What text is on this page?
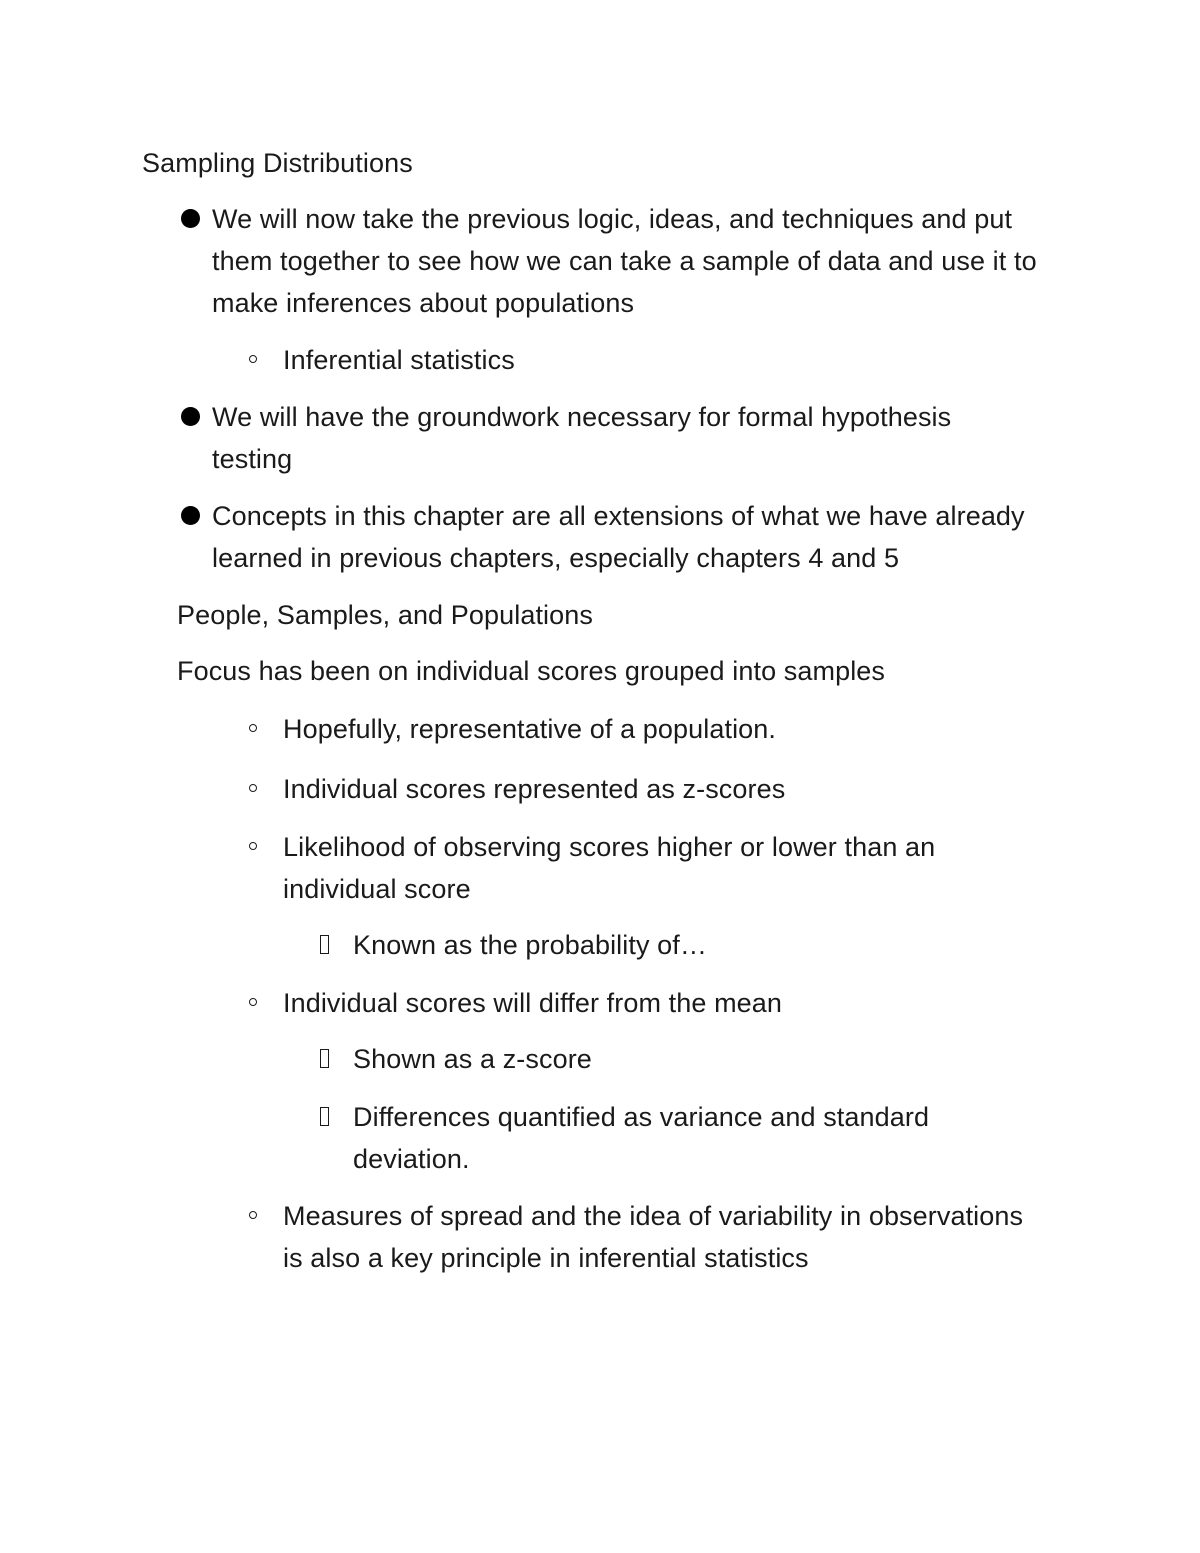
Sampling Distributions
We will now take the previous logic, ideas, and techniques and put them together to see how we can take a sample of data and use it to make inferences about populations
Inferential statistics
We will have the groundwork necessary for formal hypothesis testing
Concepts in this chapter are all extensions of what we have already learned in previous chapters, especially chapters 4 and 5
People, Samples, and Populations
Focus has been on individual scores grouped into samples
Hopefully, representative of a population.
Individual scores represented as z-scores
Likelihood of observing scores higher or lower than an individual score
Known as the probability of…
Individual scores will differ from the mean
Shown as a z-score
Differences quantified as variance and standard deviation.
Measures of spread and the idea of variability in observations is also a key principle in inferential statistics
